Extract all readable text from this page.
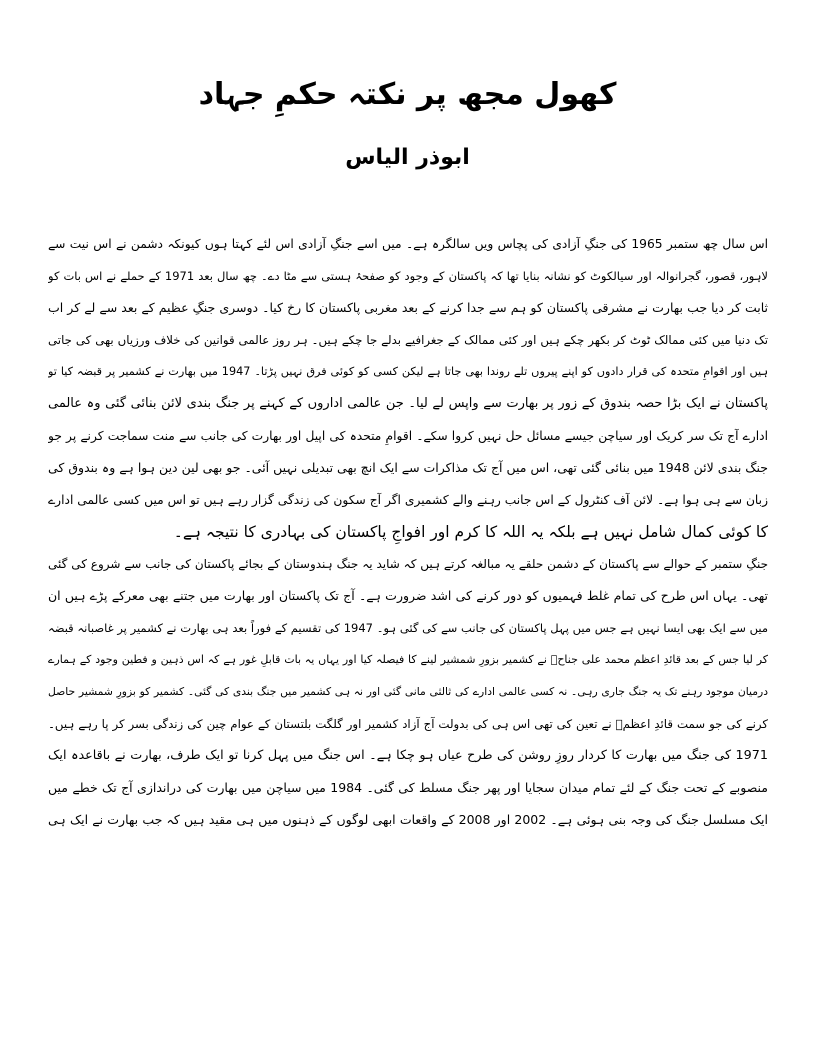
کھول مجھ پر نکتہ حکمِ جہاد
ابوذر الیاس
اس سال چھ ستمبر 1965 کی جنگِ آزادی کی پچاس ویں سالگرہ ہے۔ میں اسے جنگِ آزادی اس لئے کہتا ہوں کیونکہ دشمن نے اس نیت سے
لاہور، قصور، گجرانوالہ اور سیالکوٹ کو نشانہ بنایا تھا کہ پاکستان کے وجود کو صفحۂ ہستی سے مٹا دے۔ چھ سال بعد 1971 کے حملے نے اس بات کو
ثابت کر دیا جب بھارت نے مشرقی پاکستان کو ہم سے جدا کرنے کے بعد مغربی پاکستان کا رخ کیا۔ دوسری جنگِ عظیم کے بعد سے لے کر اب
تک دنیا میں کئی ممالک ٹوٹ کر بکھر چکے ہیں اور کئی ممالک کے جغرافیے بدلے جا چکے ہیں۔ ہر روز عالمی قوانین کی خلاف ورزیاں بھی کی جاتی
ہیں اور اقوامِ متحدہ کی قرار دادوں کو اپنے پیروں تلے روندا بھی جاتا ہے لیکن کسی کو کوئی فرق نہیں پڑتا۔ 1947 میں بھارت نے کشمیر پر قبضہ کیا تو
پاکستان نے ایک بڑا حصہ بندوق کے زور پر بھارت سے واپس لے لیا۔ جن عالمی اداروں کے کہنے پر جنگ بندی لائن بنائی گئی وہ عالمی
ادارے آج تک سر کریک اور سیاچن جیسے مسائل حل نہیں کروا سکے۔ اقوامِ متحدہ کی اپیل اور بھارت کی جانب سے منت سماجت کرنے پر جو
جنگ بندی لائن 1948 میں بنائی گئی تھی، اس میں آج تک مذاکرات سے ایک انچ بھی تبدیلی نہیں آئی۔ جو بھی لین دین ہوا ہے وہ بندوق کی
زبان سے ہی ہوا ہے۔ لائن آف کنٹرول کے اس جانب رہنے والے کشمیری اگر آج سکون کی زندگی گزار رہے ہیں تو اس میں کسی عالمی ادارے
کا کوئی کمال شامل نہیں ہے بلکہ یہ اللہ کا کرم اور افواجِ پاکستان کی بہادری کا نتیجہ ہے۔
جنگِ ستمبر کے حوالے سے پاکستان کے دشمن حلقے یہ مبالغہ کرتے ہیں کہ شاید یہ جنگ ہندوستان کے بجائے پاکستان کی جانب سے شروع کی گئی
تھی۔ یہاں اس طرح کی تمام غلط فہمیوں کو دور کرنے کی اشد ضرورت ہے۔ آج تک پاکستان اور بھارت میں جتنے بھی معرکے پڑے ہیں ان
میں سے ایک بھی ایسا نہیں ہے جس میں پہل پاکستان کی جانب سے کی گئی ہو۔ 1947 کی تقسیم کے فوراً بعد ہی بھارت نے کشمیر پر غاصبانہ قبضہ
کر لیا جس کے بعد قائدِ اعظم محمد علی جناحؒ نے کشمیر بزورِ شمشیر لینے کا فیصلہ کیا اور یہاں یہ بات قابلِ غور ہے کہ اس ذہین و فطین وجود کے ہمارے
درمیان موجود رہنے تک یہ جنگ جاری رہی۔ نہ کسی عالمی ادارے کی ثالثی مانی گئی اور نہ ہی کشمیر میں جنگ بندی کی گئی۔ کشمیر کو بزورِ شمشیر حاصل
کرنے کی جو سمت قائدِ اعظمؒ نے تعین کی تھی اس ہی کی بدولت آج آزاد کشمیر اور گلگت بلتستان کے عوام چین کی زندگی بسر کر پا رہے ہیں۔
1971 کی جنگ میں بھارت کا کردار روزِ روشن کی طرح عیاں ہو چکا ہے۔ اس جنگ میں پہل کرنا تو ایک طرف، بھارت نے باقاعدہ ایک
منصوبے کے تحت جنگ کے لئے تمام میدان سجایا اور پھر جنگ مسلط کی گئی۔ 1984 میں سیاچن میں بھارت کی دراندازی آج تک خطے میں
ایک مسلسل جنگ کی وجہ بنی ہوئی ہے۔ 2002 اور 2008 کے واقعات ابھی لوگوں کے ذہنوں میں ہی مقید ہیں کہ جب بھارت نے ایک ہی
